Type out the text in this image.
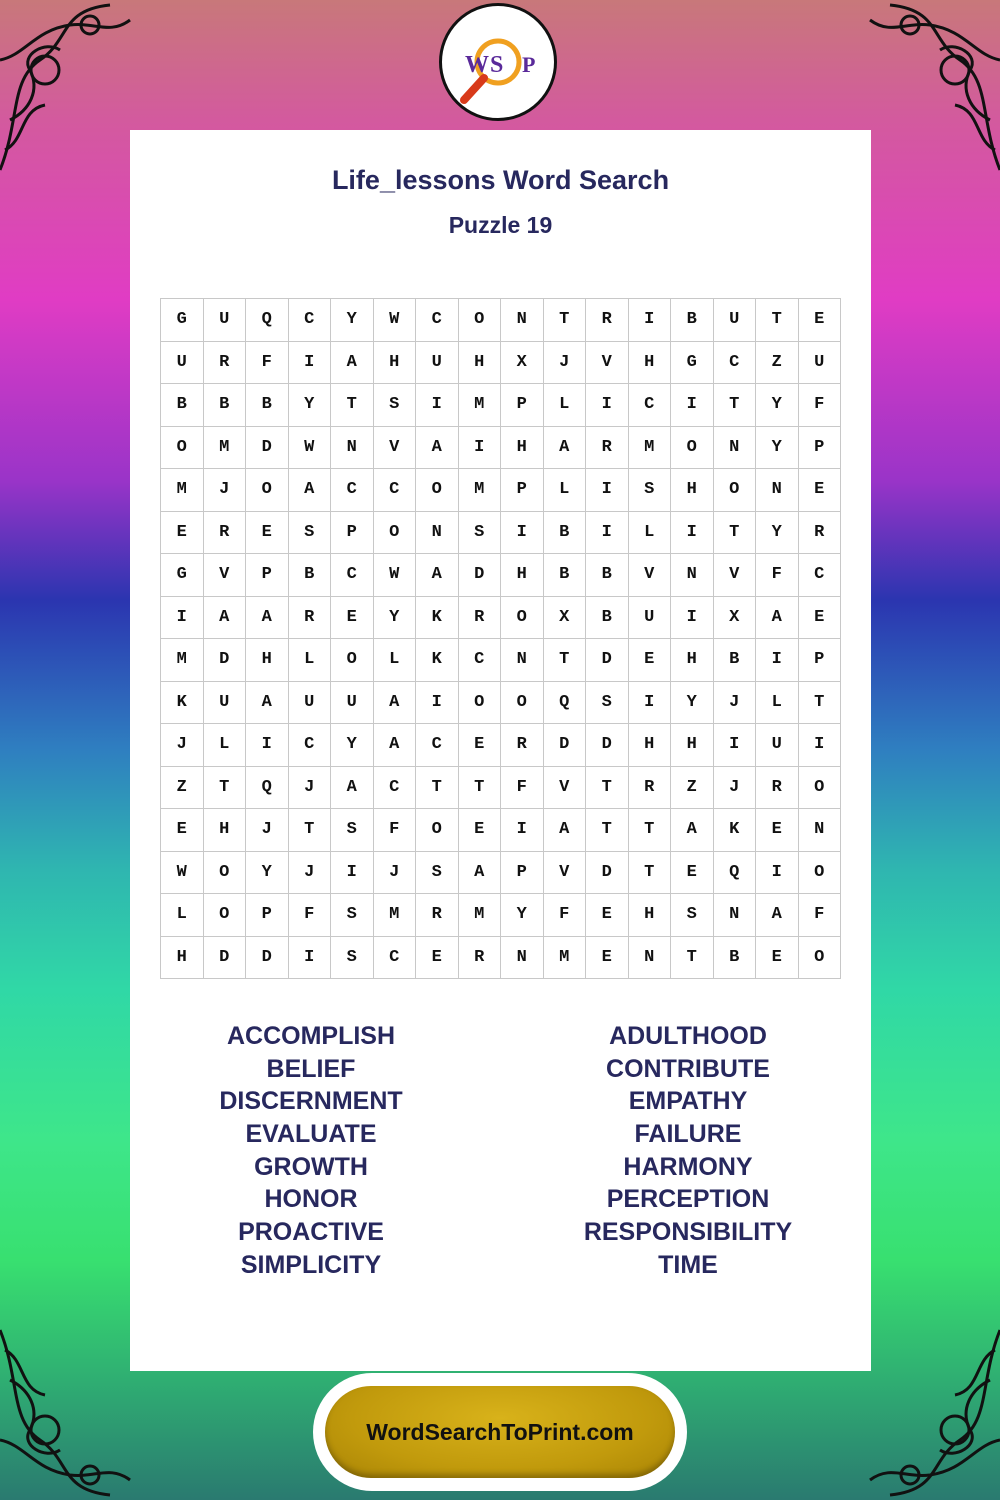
W S P
Life_lessons Word Search
Puzzle 19
G	U	Q	C	Y	W	C	O	N	T	R	I	B	U	T	E
U	R	F	I	A	H	U	H	X	J	V	H	G	C	Z	U
B	B	B	Y	T	S	I	M	P	L	I	C	I	T	Y	F
O	M	D	W	N	V	A	I	H	A	R	M	O	N	Y	P
M	J	O	A	C	C	O	M	P	L	I	S	H	O	N	E
E	R	E	S	P	O	N	S	I	B	I	L	I	T	Y	R
G	V	P	B	C	W	A	D	H	B	B	V	N	V	F	C
I	A	A	R	E	Y	K	R	O	X	B	U	I	X	A	E
M	D	H	L	O	L	K	C	N	T	D	E	H	B	I	P
K	U	A	U	U	A	I	O	O	Q	S	I	Y	J	L	T
J	L	I	C	Y	A	C	E	R	D	D	H	H	I	U	I
Z	T	Q	J	A	C	T	T	F	V	T	R	Z	J	R	O
E	H	J	T	S	F	O	E	I	A	T	T	A	K	E	N
W	O	Y	J	I	J	S	A	P	V	D	T	E	Q	I	O
L	O	P	F	S	M	R	M	Y	F	E	H	S	N	A	F
H	D	D	I	S	C	E	R	N	M	E	N	T	B	E	O
ACCOMPLISH
BELIEF
DISCERNMENT
EVALUATE
GROWTH
HONOR
PROACTIVE
SIMPLICITY
ADULTHOOD
CONTRIBUTE
EMPATHY
FAILURE
HARMONY
PERCEPTION
RESPONSIBILITY
TIME
WordSearchToPrint.com
